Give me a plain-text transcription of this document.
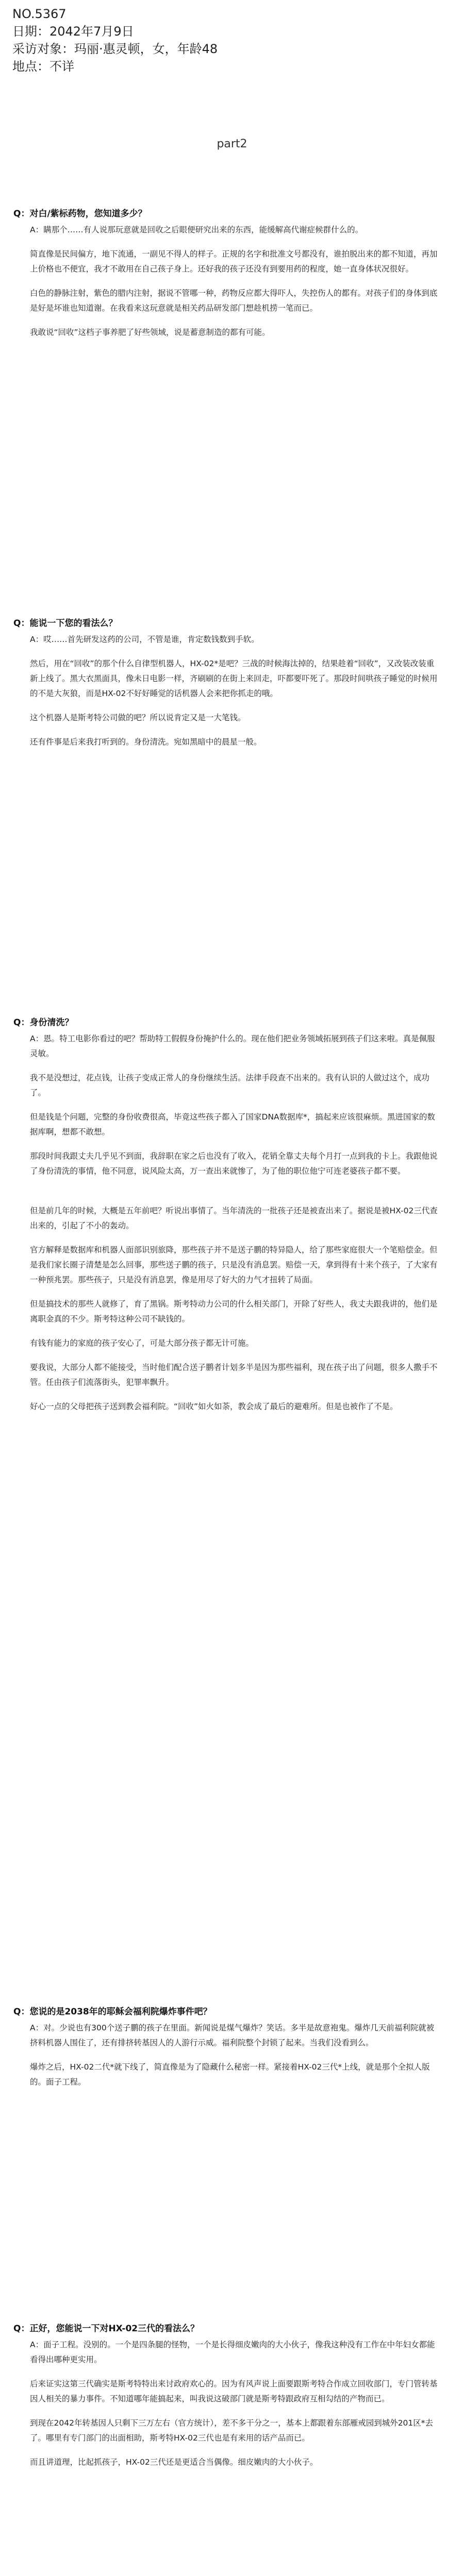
NO.5367
日期：2042年7月9日
采访对象：玛丽·惠灵顿，女，年龄48
地点：不详
part2
Q：对白/紫标药物，您知道多少？
A：瞒那个……有人说那玩意就是回收之后眼便研究出来的东西，能缓解高代谢症候群什么的。
简直像是民间偏方，地下流通，一副见不得人的样子。正规的名字和批准文号都没有，谁拍脱出来的都不知道，再加上价格也不便宜，我才不敢用在自己孩子身上。还好我的孩子还没有到要用药的程度，她一直身体状况很好。
白色的静脉注射，紫色的腊内注射，据说不管哪一种，药物反应都大得吓人，失控伤人的都有。对孩子们的身体到底是好是坏谁也知道谢。在我看来这玩意就是相关药品研发部门想趁机捞一笔而已。
我敢说“回收”这档子事养肥了好些领域，说是蓄意制造的都有可能。
Q：能说一下您的看法么？
A：哎……首先研发这药的公司，不管是谁，肯定数钱数到手软。
然后，用在“回收”的那个什么自律型机器人，HX-02*是吧？三战的时候海汰掉的，结果趁着“回收”，又改装改装重新上线了。黑大衣黑面具，像未日电影一样，齐刷刷的在街上来回走，吓都要吓死了。那段时间哄孩子睡觉的时候用的不是大灰狼，而是HX-02不好好睡觉的话机器人会来把你抓走的哦。
这个机器人是斯考特公司做的吧？所以说肯定又是一大笔钱。
还有件事是后来我打听到的。身份清洗。宛如黑暗中的晨星一般。
Q：身份清洗？
A：恩。特工电影你看过的吧？帮助特工假假身份掩护什么的。现在他们把业务领域拓展到孩子们这来啦。真是佩服灵敏。
我不是没想过，花点钱，让孩子变成正常人的身份继续生活。法律手段查不出来的。我有认识的人做过这个，成功了。
但是钱是个问题，完整的身份收费很高，毕竟这些孩子都入了国家DNA数据库*，搞起来应该很麻烦。黑进国家的数据库啊，想都不敢想。
那段时间我跟丈夫几乎见不到面，我辞职在家之后也没有了收入，花销全靠丈夫每个月打一点到我的卡上。我跟他说了身份清洗的事情，他不同意，说风险太高，万一查出来就惨了，为了他的职位他宁可连老婆孩子都不要。
但是前几年的时候，大概是五年前吧？听说出事情了。当年清洗的一批孩子还是被查出来了。据说是被HX-02三代查出来的，引起了不小的轰动。
官方解释是数据库和机器人面部识别旅降，那些孩子并不是送子鹏的特异隐人，给了那些家庭很大一个笔赔偿金。但是我们家长圈子清楚是怎么回事，那些送子鹏的孩子，只是没有消息罢。赔偿一天，拿到得有十来个孩子，了大家有一种预兆罢。那些孩子，只是没有消息罢，像是用尽了好大的力气才扭转了局面。
但是搞技术的那些人就修了，育了黑锅。斯考特动力公司的什么相关部门，开除了好些人，我丈夫跟我讲的，他们是离职金真的不少。斯考特这种公司不缺钱的。
有钱有能力的家庭的孩子安心了，可是大部分孩子都无计可施。
要我说，大部分人都不能接受，当时他们配合送子鹏者计划多半是因为那些福利，现在孩子出了问题，很多人撒手不管。任由孩子们流落街头，犯罪率飘升。
好心一点的父母把孩子送到教会福利院。“回收”如火如荼，教会成了最后的避难所。但是也被作了不是。
Q：您说的是2038年的耶稣会福利院爆炸事件吧？
A：对。少说也有300个送子鹏的孩子在里面。新闻说是煤气爆炸？笑话。多半是故意袍鬼。爆炸几天前福利院就被挤料机器人围住了，还有排挤转基因人的人游行示威。福利院整个封锁了起来。当我们没看到么。
爆炸之后，HX-02二代*就下线了，简直像是为了隐藏什么秘密一样。紧接着HX-02三代*上线，就是那个全拟人版的。面子工程。
Q：正好，您能说一下对HX-02三代的看法么？
A：面子工程。没别的。一个是四条腿的怪物，一个是长得细皮嫩肉的大小伙子，像我这种没有工作在中年妇女都能看得出哪种更实用。
后来证实这第三代确实是斯考特特出来讨政府欢心的。因为有风声说上面要跟斯考特合作成立回收部门，专门管转基因人相关的暴力事件。不知道哪年能搞起来，叫我说这破部门就是斯考特跟政府互相勾结的产物而已。
到现在2042年转基因人只剩下三万左右（官方统计），差不多干分之一，基本上都跟着东部雁戒园到城外201区*去了。哪里有专门部门的出面相助，斯考特HX-02三代也是有来用的话产品而已。
而且讲道理，比起抓孩子，HX-02三代还是更适合当偶像。细皮嫩肉的大小伙子。
